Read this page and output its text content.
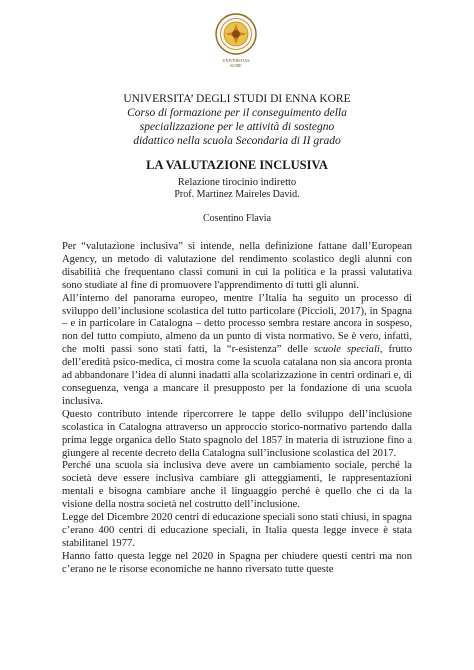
UNIVERSITAS
KORE
UNIVERSITA’ DEGLI STUDI DI ENNA KORE
Corso di formazione per il conseguimento della
specializzazione per le attività di sostegno
didattico nella scuola Secondaria di II grado
LA VALUTAZIONE INCLUSIVA
Relazione tirocinio indiretto
Prof. Martinez Maireles David.
Cosentino Flavia

Per “valutazione inclusiva” si intende, nella definizione fattane dall’European Agency, un metodo di valutazione del rendimento scolastico degli alunni con disabilità che frequentano classi comuni in cui la politica e la prassi valutativa sono studiate al fine di promuovere l'apprendimento di tutti gli alunni.

All’interno del panorama europeo, mentre l’Italia ha seguito un processo di sviluppo dell’inclusione scolastica del tutto particolare (Piccioli, 2017), in Spagna – e in particolare in Catalogna – detto processo sembra restare ancora in sospeso, non del tutto compiuto, almeno da un punto di vista normativo. Se è vero, infatti, che molti passi sono stati fatti, la “r-esistenza” delle scuole speciali, frutto dell’eredità psico-medica, ci mostra come la scuola catalana non sia ancora pronta ad abbandonare l’idea di alunni inadatti alla scolarizzazione in centri ordinari e, di conseguenza, venga a mancare il presupposto per la fondazione di una scuola inclusiva.

Questo contributo intende ripercorrere le tappe dello sviluppo dell’inclusione scolastica in Catalogna attraverso un approccio storico-normativo partendo dalla prima legge organica dello Stato spagnolo del 1857 in materia di istruzione fino a giungere al recente decreto della Catalogna sull’inclusione scolastica del 2017.

Perché una scuola sia inclusiva deve avere un cambiamento sociale, perché la società deve essere inclusiva cambiare gli atteggiamenti, le rappresentazioni mentali e bisogna cambiare anche il linguaggio perché è quello che ci da la visione della nostra società nel costrutto dell’inclusione.

Legge del Dicembre 2020 centri di educazione speciali sono stati chiusi, in spagna c’erano 400 centri di educazione speciali, in Italia questa legge invece è stata stabilitanel 1977.

Hanno fatto questa legge nel 2020 in Spagna per chiudere questi centri ma non c’erano ne le risorse economiche ne hanno riversato tutte queste
